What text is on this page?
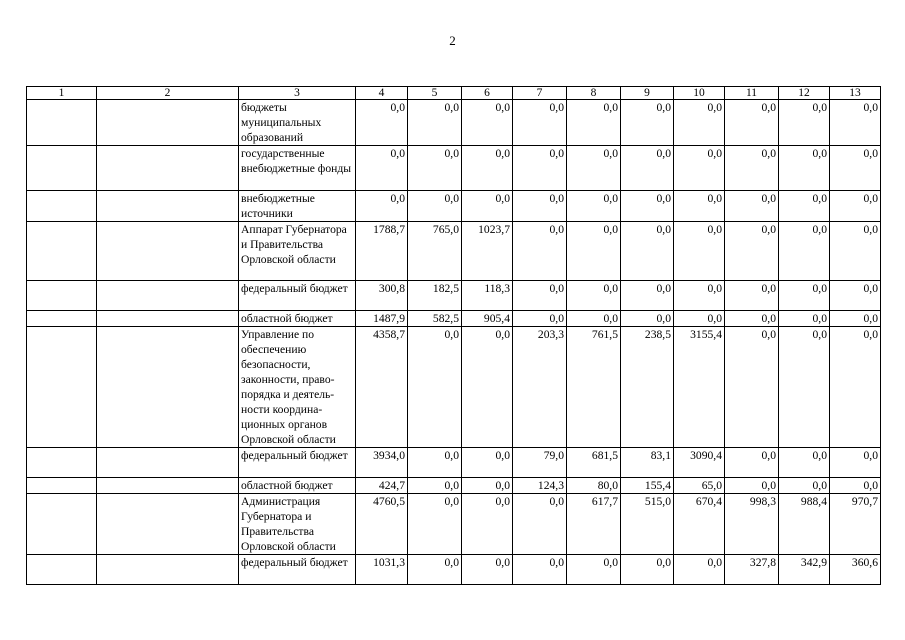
2
1	2	3	4	5	6	7	8	9	10	11	12	13
		бюджеты муниципальных образований	0,0	0,0	0,0	0,0	0,0	0,0	0,0	0,0	0,0	0,0
		государственные внебюджетные фонды	0,0	0,0	0,0	0,0	0,0	0,0	0,0	0,0	0,0	0,0
		внебюджетные источники	0,0	0,0	0,0	0,0	0,0	0,0	0,0	0,0	0,0	0,0
		Аппарат Губернатора и Правительства Орловской области	1788,7	765,0	1023,7	0,0	0,0	0,0	0,0	0,0	0,0	0,0
		федеральный бюджет	300,8	182,5	118,3	0,0	0,0	0,0	0,0	0,0	0,0	0,0
		областной бюджет	1487,9	582,5	905,4	0,0	0,0	0,0	0,0	0,0	0,0	0,0
		Управление по обеспечению безопасности, законности, право-порядка и деятель-ности координа-ционных органов Орловской области	4358,7	0,0	0,0	203,3	761,5	238,5	3155,4	0,0	0,0	0,0
		федеральный бюджет	3934,0	0,0	0,0	79,0	681,5	83,1	3090,4	0,0	0,0	0,0
		областной бюджет	424,7	0,0	0,0	124,3	80,0	155,4	65,0	0,0	0,0	0,0
		Администрация Губернатора и Правительства Орловской области	4760,5	0,0	0,0	0,0	617,7	515,0	670,4	998,3	988,4	970,7
		федеральный бюджет	1031,3	0,0	0,0	0,0	0,0	0,0	0,0	327,8	342,9	360,6
